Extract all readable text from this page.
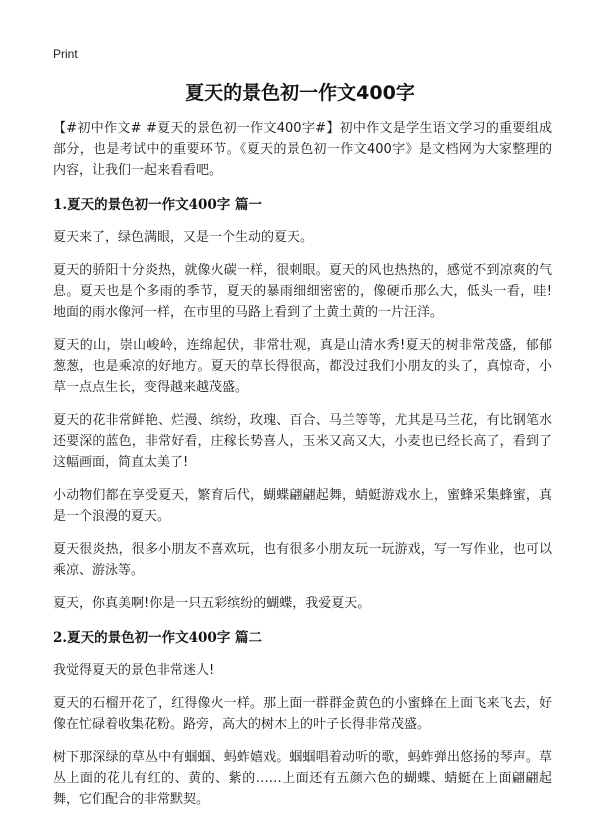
Print
夏天的景色初一作文400字

【#初中作文# #夏天的景色初一作文400字#】初中作文是学生语文学习的重要组成部分，也是考试中的重要环节。《夏天的景色初一作文400字》是文档网为大家整理的内容，让我们一起来看看吧。

1.夏天的景色初一作文400字 篇一

夏天来了，绿色满眼，又是一个生动的夏天。

夏天的骄阳十分炎热，就像火碳一样，很刺眼。夏天的风也热热的，感觉不到凉爽的气息。夏天也是个多雨的季节，夏天的暴雨细细密密的，像硬币那么大，低头一看，哇!地面的雨水像河一样，在市里的马路上看到了土黄土黄的一片汪洋。

夏天的山，崇山峻岭，连绵起伏，非常壮观，真是山清水秀!夏天的树非常茂盛，郁郁葱葱，也是乘凉的好地方。夏天的草长得很高，都没过我们小朋友的头了，真惊奇，小草一点点生长，变得越来越茂盛。

夏天的花非常鲜艳、烂漫、缤纷，玫瑰、百合、马兰等等，尤其是马兰花，有比钢笔水还要深的蓝色，非常好看，庄稼长势喜人，玉米又高又大，小麦也已经长高了，看到了这幅画面，简直太美了!

小动物们都在享受夏天，繁育后代，蝴蝶翩翩起舞，蜻蜓游戏水上，蜜蜂采集蜂蜜，真是一个浪漫的夏天。

夏天很炎热，很多小朋友不喜欢玩，也有很多小朋友玩一玩游戏，写一写作业，也可以乘凉、游泳等。

夏天，你真美啊!你是一只五彩缤纷的蝴蝶，我爱夏天。

2.夏天的景色初一作文400字 篇二

我觉得夏天的景色非常迷人!

夏天的石榴开花了，红得像火一样。那上面一群群金黄色的小蜜蜂在上面飞来飞去，好像在忙碌着收集花粉。路旁，高大的树木上的叶子长得非常茂盛。

树下那深绿的草丛中有蝈蝈、蚂蚱嬉戏。蝈蝈唱着动听的歌，蚂蚱弹出悠扬的琴声。草丛上面的花儿有红的、黄的、紫的……上面还有五颜六色的蝴蝶、蜻蜓在上面翩翩起舞，它们配合的非常默契。
